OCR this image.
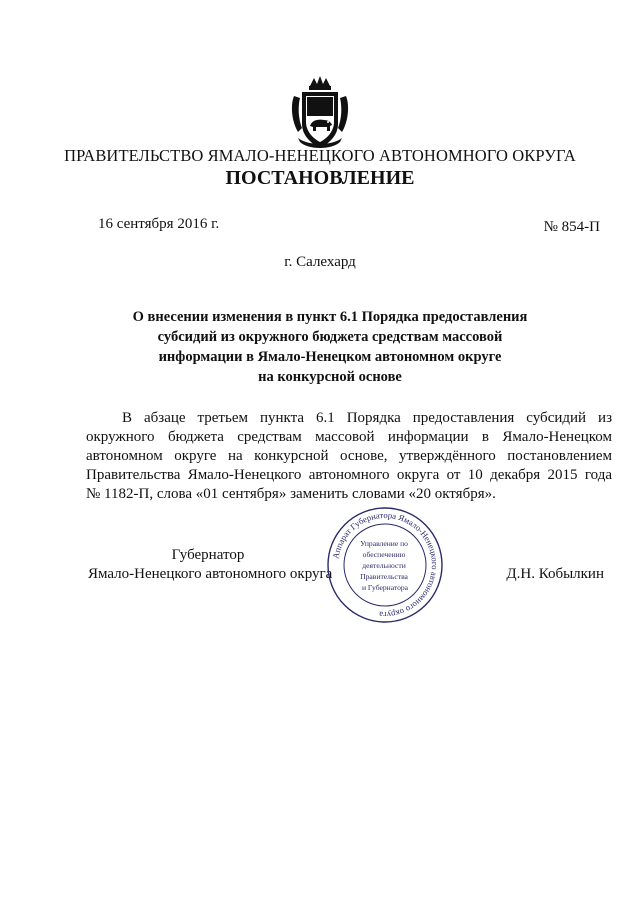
ПРАВИТЕЛЬСТВО ЯМАЛО-НЕНЕЦКОГО АВТОНОМНОГО ОКРУГА
ПОСТАНОВЛЕНИЕ
16 сентября 2016 г.	№ 854-П
г. Салехард
О внесении изменения в пункт 6.1 Порядка предоставления
субсидий из окружного бюджета средствам массовой
информации в Ямало-Ненецком автономном округе
на конкурсной основе
В абзаце третьем пункта 6.1 Порядка предоставления субсидий из
окружного бюджета средствам массовой информации в Ямало-Ненецком
автономном округе на конкурсной основе, утверждённого постановлением
Правительства Ямало-Ненецкого автономного округа от 10 декабря 2015 года
№ 1182-П, слова «01 сентября» заменить словами «20 октября».
Губернатор
Ямало-Ненецкого автономного округа	Д.Н. Кобылкин
Аппарат Губернатора Ямало-Ненецкого автономного округа
Управление по обеспечению деятельности Правительства и Губернатора
